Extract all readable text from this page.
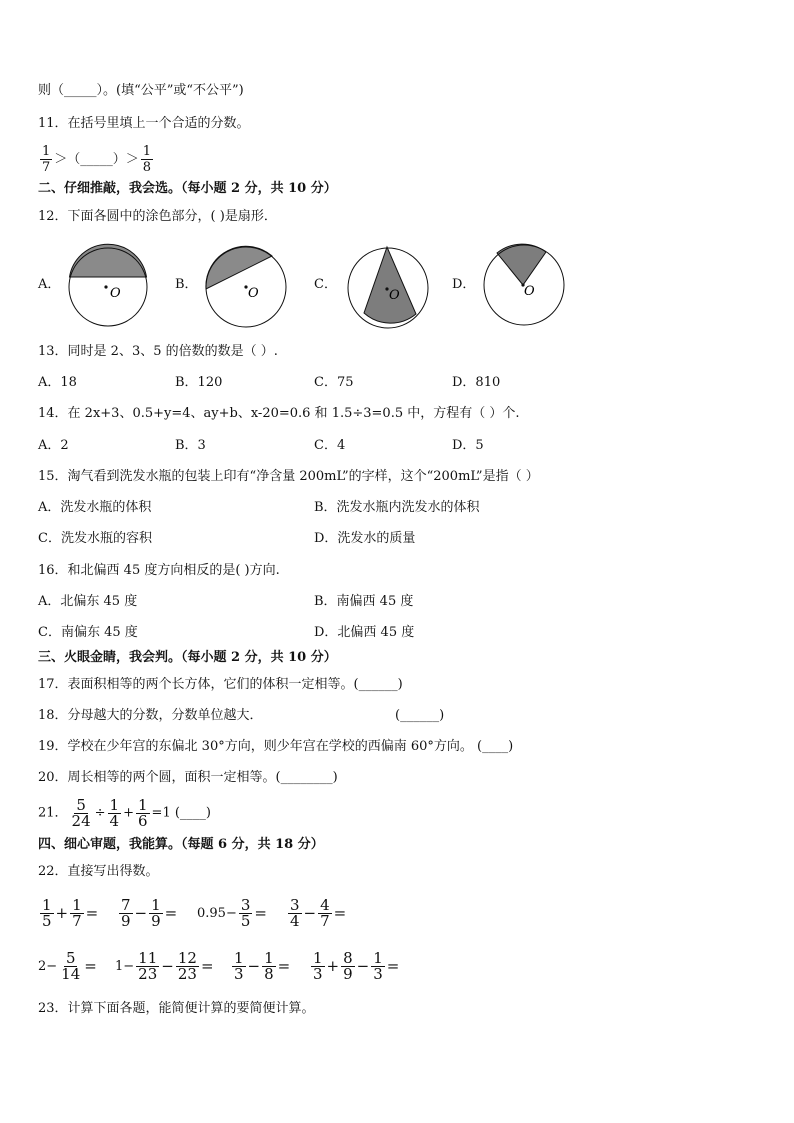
则（_____）。(填“公平”或“不公平”)
11．在括号里填上一个合适的分数。
$\frac{1}{7}$ ＞（_____）＞ $\frac{1}{8}$
二、仔细推敲，我会选。（每小题 2 分，共 10 分）
12．下面各圆中的涂色部分，( )是扇形．
A．
O
B．
O
C．
O
D．	O
13．同时是 2、3、5 的倍数的数是（ ）.
A．18	B．120	C．75	D．810
14．在 2x+3、0.5+y=4、ay+b、x-20=0.6 和 1.5÷3=0.5 中，方程有（ ）个.
A．2	B．3	C．4	D．5
15．淘气看到洗发水瓶的包装上印有“净含量 200mL”的字样，这个“200mL”是指（ ）
A．洗发水瓶的体积	B．洗发水瓶内洗发水的体积
C．洗发水瓶的容积	D．洗发水的质量
16．和北偏西 45 度方向相反的是( )方向.
A．北偏东 45 度	B．南偏西 45 度
C．南偏东 45 度	D．北偏西 45 度
三、火眼金睛，我会判。（每小题 2 分，共 10 分）
17．表面积相等的两个长方体，它们的体积一定相等。(______)
18．分母越大的分数，分数单位越大．	(______)
19．学校在少年宫的东偏北 30°方向，则少年宫在学校的西偏南 60°方向。 (____)
20．周长相等的两个圆，面积一定相等。(________)
21． $\frac{5}{24} \div \frac{1}{4} + \frac{1}{6} =1$ (____)
四、细心审题，我能算。（每题 6 分，共 18 分）
22．直接写出得数。
$\frac{1}{5} + \frac{1}{7} = \frac{7}{9} - \frac{1}{9} = 0.95- \frac{3}{5} = \frac{3}{4} - \frac{4}{7}$ =
$2- \frac{5}{14} = 1- \frac{11}{23} - \frac{12}{23} = \frac{1}{3} - \frac{1}{8} = \frac{1}{3} + \frac{8}{9} - \frac{1}{3}$ =
23．计算下面各题，能简便计算的要简便计算。
